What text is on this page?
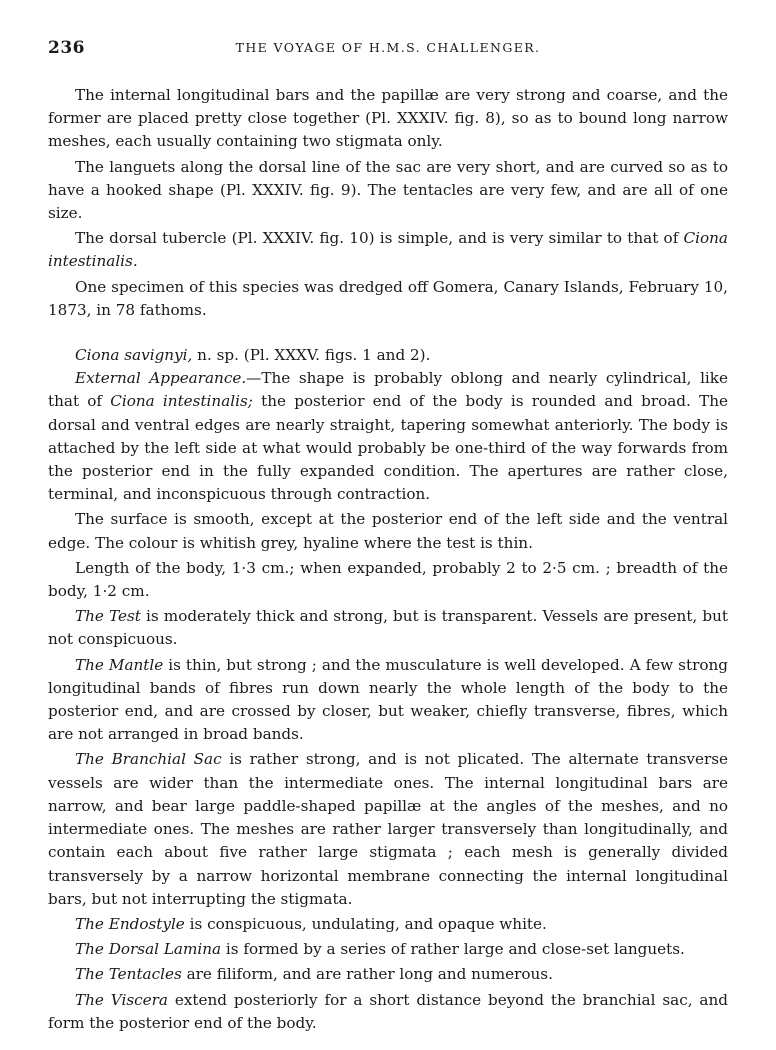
236	THE VOYAGE OF H.M.S. CHALLENGER.

The internal longitudinal bars and the papillæ are very strong and coarse, and the former are placed pretty close together (Pl. XXXIV. fig. 8), so as to bound long narrow meshes, each usually containing two stigmata only.

The languets along the dorsal line of the sac are very short, and are curved so as to have a hooked shape (Pl. XXXIV. fig. 9). The tentacles are very few, and are all of one size.

The dorsal tubercle (Pl. XXXIV. fig. 10) is simple, and is very similar to that of Ciona intestinalis.

One specimen of this species was dredged off Gomera, Canary Islands, February 10, 1873, in 78 fathoms.

Ciona savignyi, n. sp. (Pl. XXXV. figs. 1 and 2).

External Appearance.—The shape is probably oblong and nearly cylindrical, like that of Ciona intestinalis; the posterior end of the body is rounded and broad. The dorsal and ventral edges are nearly straight, tapering somewhat anteriorly. The body is attached by the left side at what would probably be one-third of the way forwards from the posterior end in the fully expanded condition. The apertures are rather close, terminal, and inconspicuous through contraction.

The surface is smooth, except at the posterior end of the left side and the ventral edge. The colour is whitish grey, hyaline where the test is thin.

Length of the body, 1·3 cm.; when expanded, probably 2 to 2·5 cm. ; breadth of the body, 1·2 cm.

The Test is moderately thick and strong, but is transparent. Vessels are present, but not conspicuous.

The Mantle is thin, but strong ; and the musculature is well developed. A few strong longitudinal bands of fibres run down nearly the whole length of the body to the posterior end, and are crossed by closer, but weaker, chiefly transverse, fibres, which are not arranged in broad bands.

The Branchial Sac is rather strong, and is not plicated. The alternate transverse vessels are wider than the intermediate ones. The internal longitudinal bars are narrow, and bear large paddle-shaped papillæ at the angles of the meshes, and no intermediate ones. The meshes are rather larger transversely than longitudinally, and contain each about five rather large stigmata ; each mesh is generally divided transversely by a narrow horizontal membrane connecting the internal longitudinal bars, but not interrupting the stigmata.

The Endostyle is conspicuous, undulating, and opaque white.

The Dorsal Lamina is formed by a series of rather large and close-set languets.

The Tentacles are filiform, and are rather long and numerous.

The Viscera extend posteriorly for a short distance beyond the branchial sac, and form the posterior end of the body.
